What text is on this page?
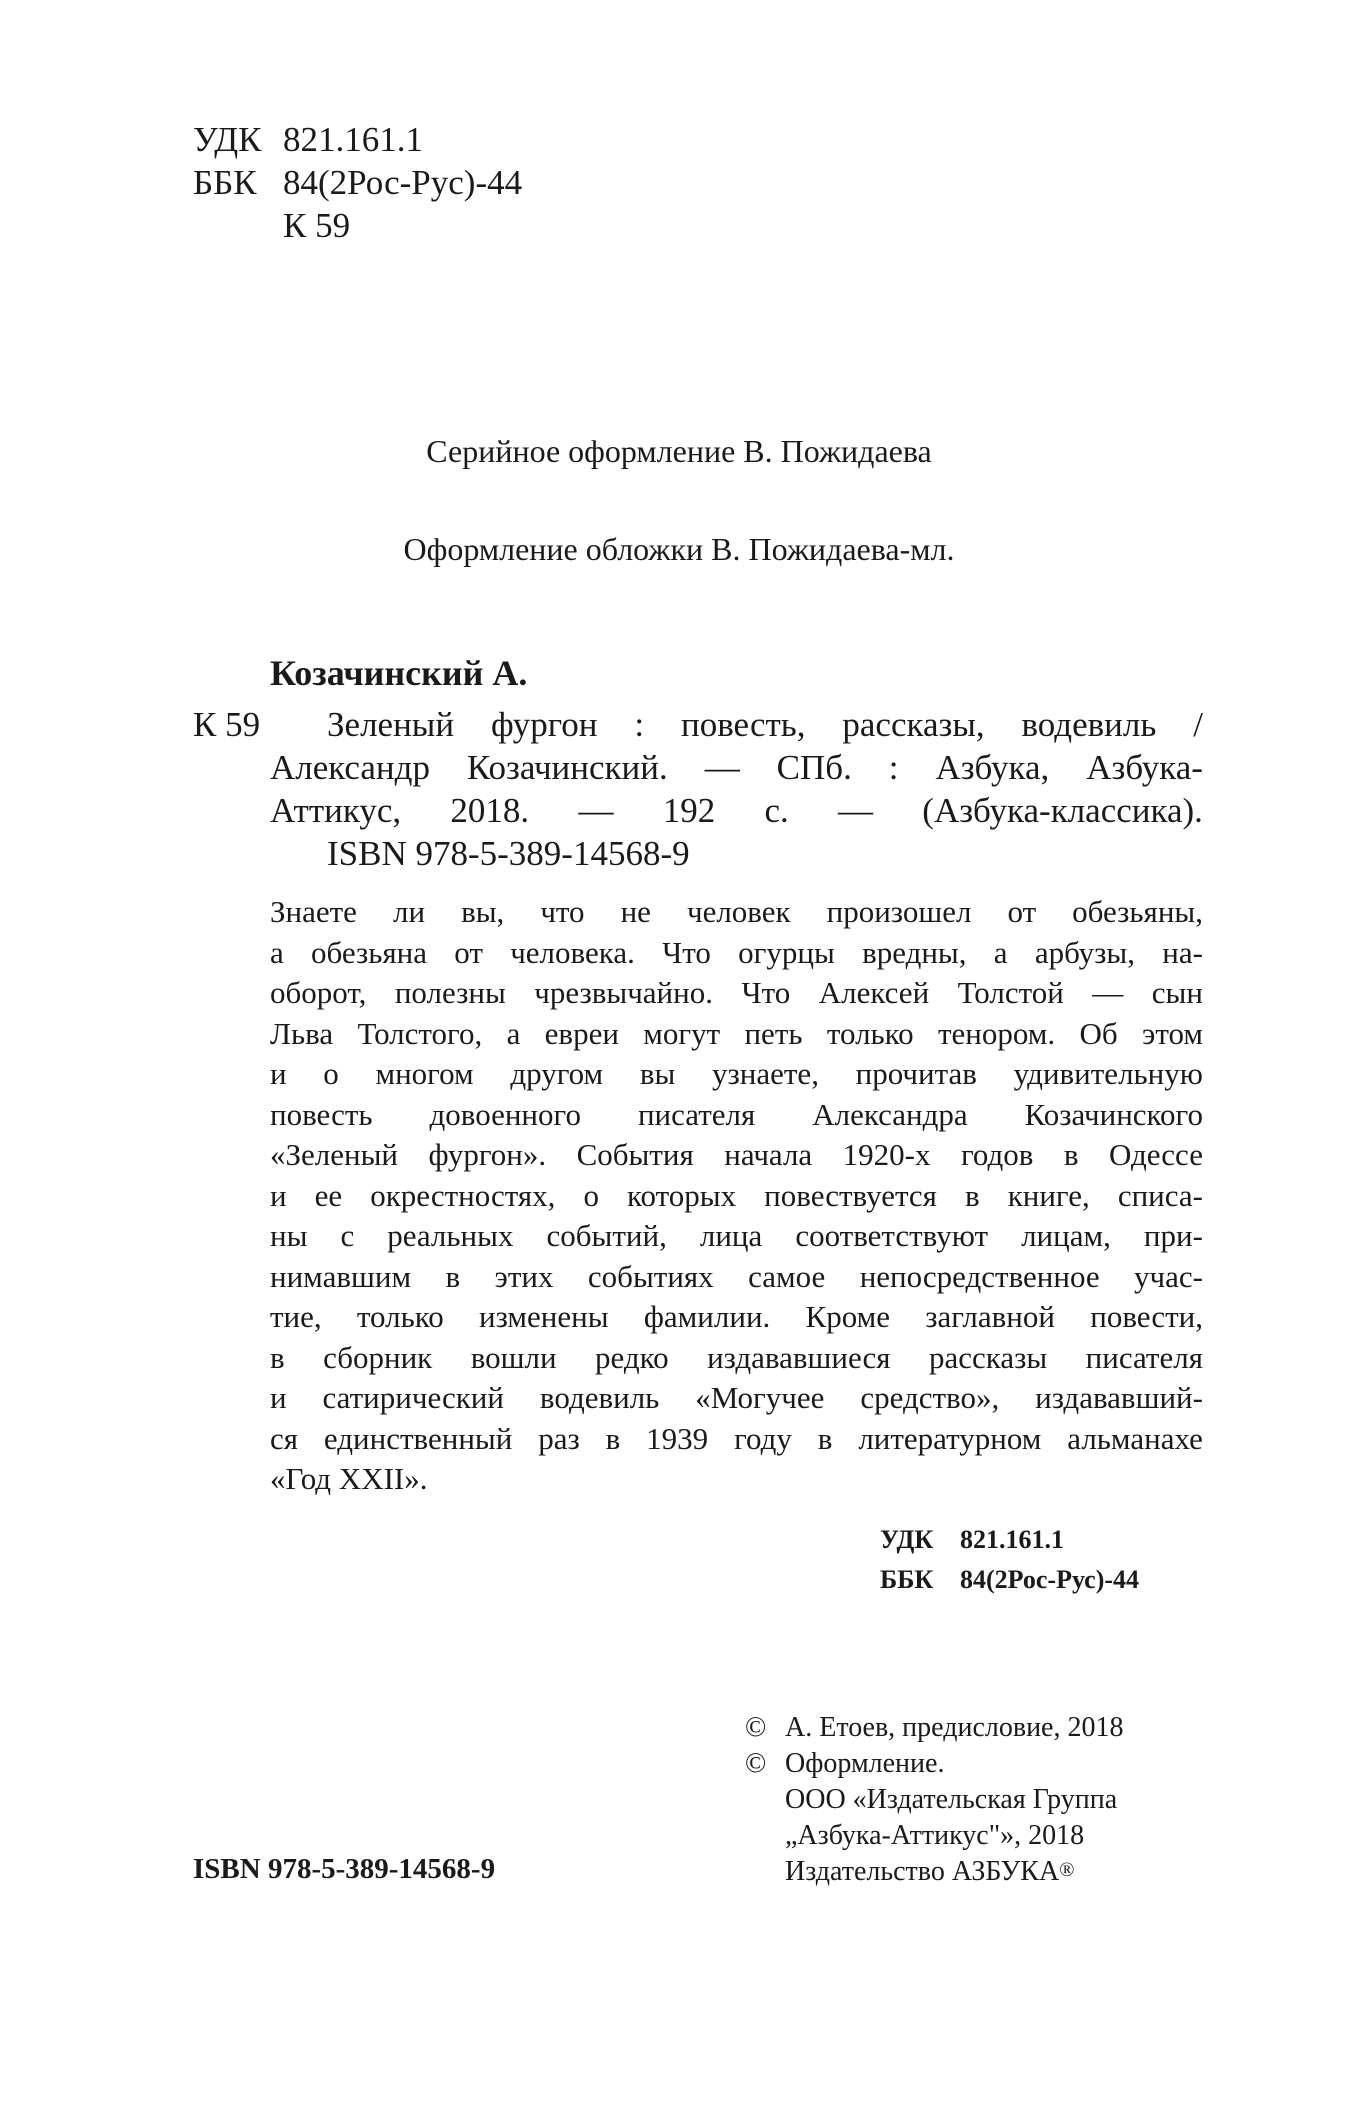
УДК 821.161.1
ББК 84(2Рос-Рус)-44
К 59
Серийное оформление В. Пожидаева
Оформление обложки В. Пожидаева-мл.
Козачинский А.
К 59 Зеленый фургон : повесть, рассказы, водевиль /
Александр Козачинский. — СПб. : Азбука, Азбука-
Аттикус, 2018. — 192 с. — (Азбука-классика).
ISBN 978-5-389-14568-9
Знаете ли вы, что не человек произошел от обезьяны,
а обезьяна от человека. Что огурцы вредны, а арбузы, на-
оборот, полезны чрезвычайно. Что Алексей Толстой — сын
Льва Толстого, а евреи могут петь только тенором. Об этом
и о многом другом вы узнаете, прочитав удивительную
повесть довоенного писателя Александра Козачинского
«Зеленый фургон». События начала 1920-х годов в Одессе
и ее окрестностях, о которых повествуется в книге, списа-
ны с реальных событий, лица соответствуют лицам, при-
нимавшим в этих событиях самое непосредственное учас-
тие, только изменены фамилии. Кроме заглавной повести,
в сборник вошли редко издававшиеся рассказы писателя
и сатирический водевиль «Могучее средство», издававший-
ся единственный раз в 1939 году в литературном альманахе
«Год XXII».
УДК	821.161.1
ББК	84(2Рос-Рус)-44
© А. Етоев, предисловие, 2018
© Оформление.
ООО «Издательская Группа
„Азбука-Аттикус"», 2018
Издательство АЗБУКА®
ISBN 978-5-389-14568-9
